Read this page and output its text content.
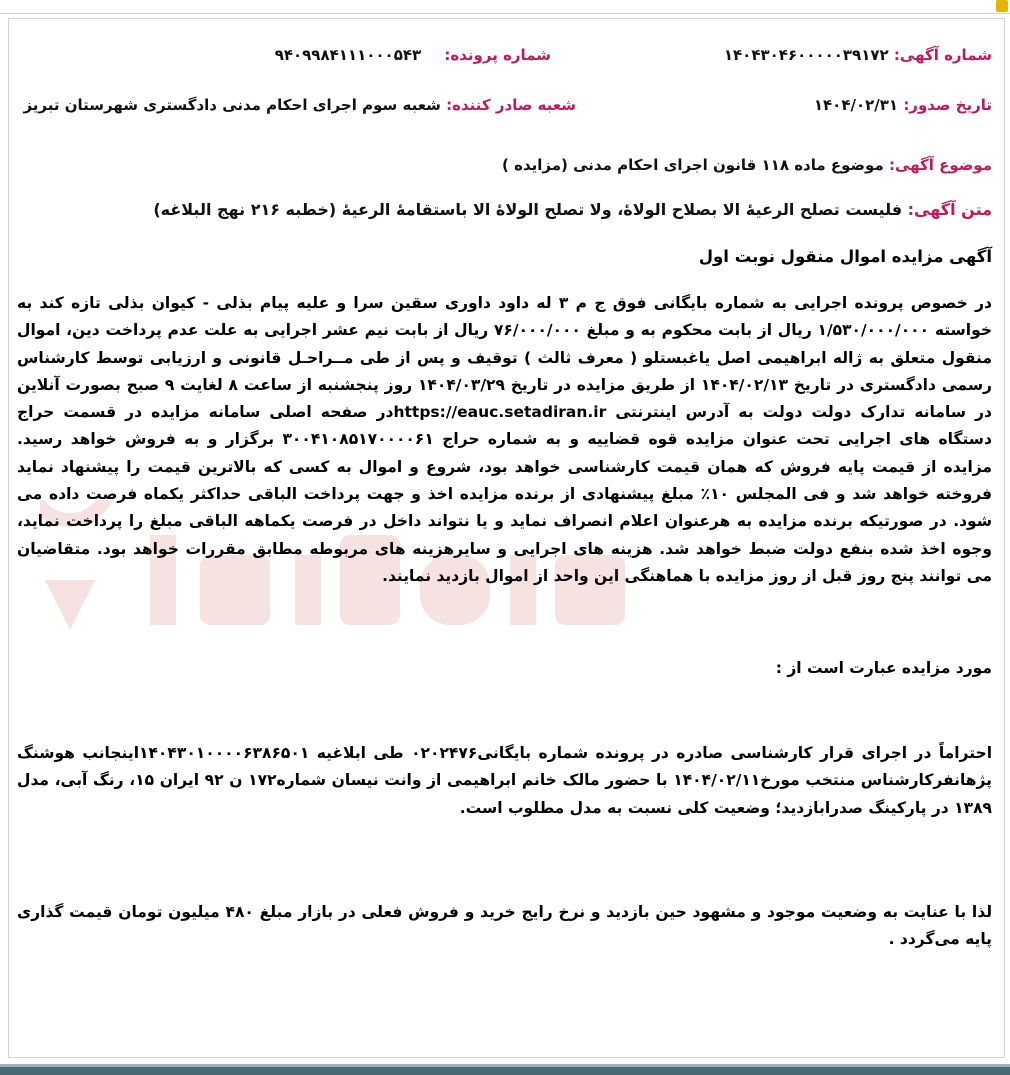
شماره آگهی: ۱۴۰۴۳۰۴۶۰۰۰۰۰۳۹۱۷۲
شماره پرونده: ۹۴۰۹۹۸۴۱۱۱۰۰۰۵۴۳
تاریخ صدور: ۱۴۰۴/۰۲/۳۱
شعبه صادر کننده: شعبه سوم اجرای احکام مدنی دادگستری شهرستان تبریز
موضوع آگهی: موضوع ماده ۱۱۸ قانون اجرای احکام مدنی (مزایده )
متن آگهی: فلیست تصلح الرعیهٔ الا بصلاح الولاهٔ، ولا تصلح الولاهٔ الا باستقامهٔ الرعیهٔ (خطبه ۲۱۶ نهج البلاغه)
آگهی مزایده اموال منقول نوبت اول
در خصوص پرونده اجرایی به شماره بایگانی فوق ج م ۳ له داود داوری سقین سرا و علیه پیام بذلی - کیوان بذلی تازه کند به خواسته ۱/۵۳۰/۰۰۰/۰۰۰ ریال از بابت محکوم به و مبلغ ۷۶/۰۰۰/۰۰۰ ریال از بابت نیم عشر اجرایی به علت عدم پرداخت دین، اموال منقول متعلق به ژاله ابراهیمی اصل یاغبستلو ( معرف ثالث ) توقیف و پس از طی مــراحـل قانونی و ارزیابی توسط کارشناس رسمی دادگستری در تاریخ ۱۴۰۴/۰۲/۱۳ از طریق مزایده در تاریخ ۱۴۰۴/۰۳/۲۹ روز پنجشنبه از ساعت ۸ لغایت ۹ صبح بصورت آنلاین در سامانه تدارک دولت دولت به آدرس اینترنتی https://eauc.setadiran.irدر صفحه اصلی سامانه مزایده در قسمت حراج دستگاه های اجرایی تحت عنوان مزایده قوه قضاییه و به شماره حراج ۳۰۰۴۱۰۸۵۱۷۰۰۰۰۶۱ برگزار و به فروش خواهد رسید. مزایده از قیمت پایه فروش که همان قیمت کارشناسی خواهد بود، شروع و اموال به کسی که بالاترین قیمت را پیشنهاد نماید فروخته خواهد شد و فی المجلس ۱۰٪ مبلغ پیشنهادی از برنده مزایده اخذ و جهت پرداخت الباقی حداکثر یکماه فرصت داده می شود. در صورتیکه برنده مزایده به هرعنوان اعلام انصراف نماید و یا نتواند داخل در فرصت یکماهه الباقی مبلغ را پرداخت نماید، وجوه اخذ شده بنفع دولت ضبط خواهد شد. هزینه های اجرایی و سایرهزینه های مربوطه مطابق مقررات خواهد بود. متقاضیان می توانند پنج روز قبل از روز مزایده با هماهنگی این واحد از اموال بازدید نمایند.
مورد مزایده عبارت است از :
احتراماً در اجرای قرار کارشناسی صادره در پرونده شماره بایگانی۰۲۰۲۴۷۶ طی ابلاغیه ۱۴۰۴۳۰۱۰۰۰۰۶۳۸۶۵۰۱اینجانب هوشنگ پژهانفرکارشناس منتخب مورخ۱۴۰۴/۰۲/۱۱ با حضور مالک خانم ابراهیمی از وانت نیسان شماره۱۷۲ ن ۹۲ ایران ۱۵، رنگ آبی، مدل ۱۳۸۹ در پارکینگ صدرابازدید؛ وضعیت کلی نسبت به مدل مطلوب است.
لذا با عنایت به وضعیت موجود و مشهود حین بازدید و نرخ رایج خرید و فروش فعلی در بازار مبلغ ۴۸۰ میلیون تومان قیمت گذاری پایه می‌گردد .
